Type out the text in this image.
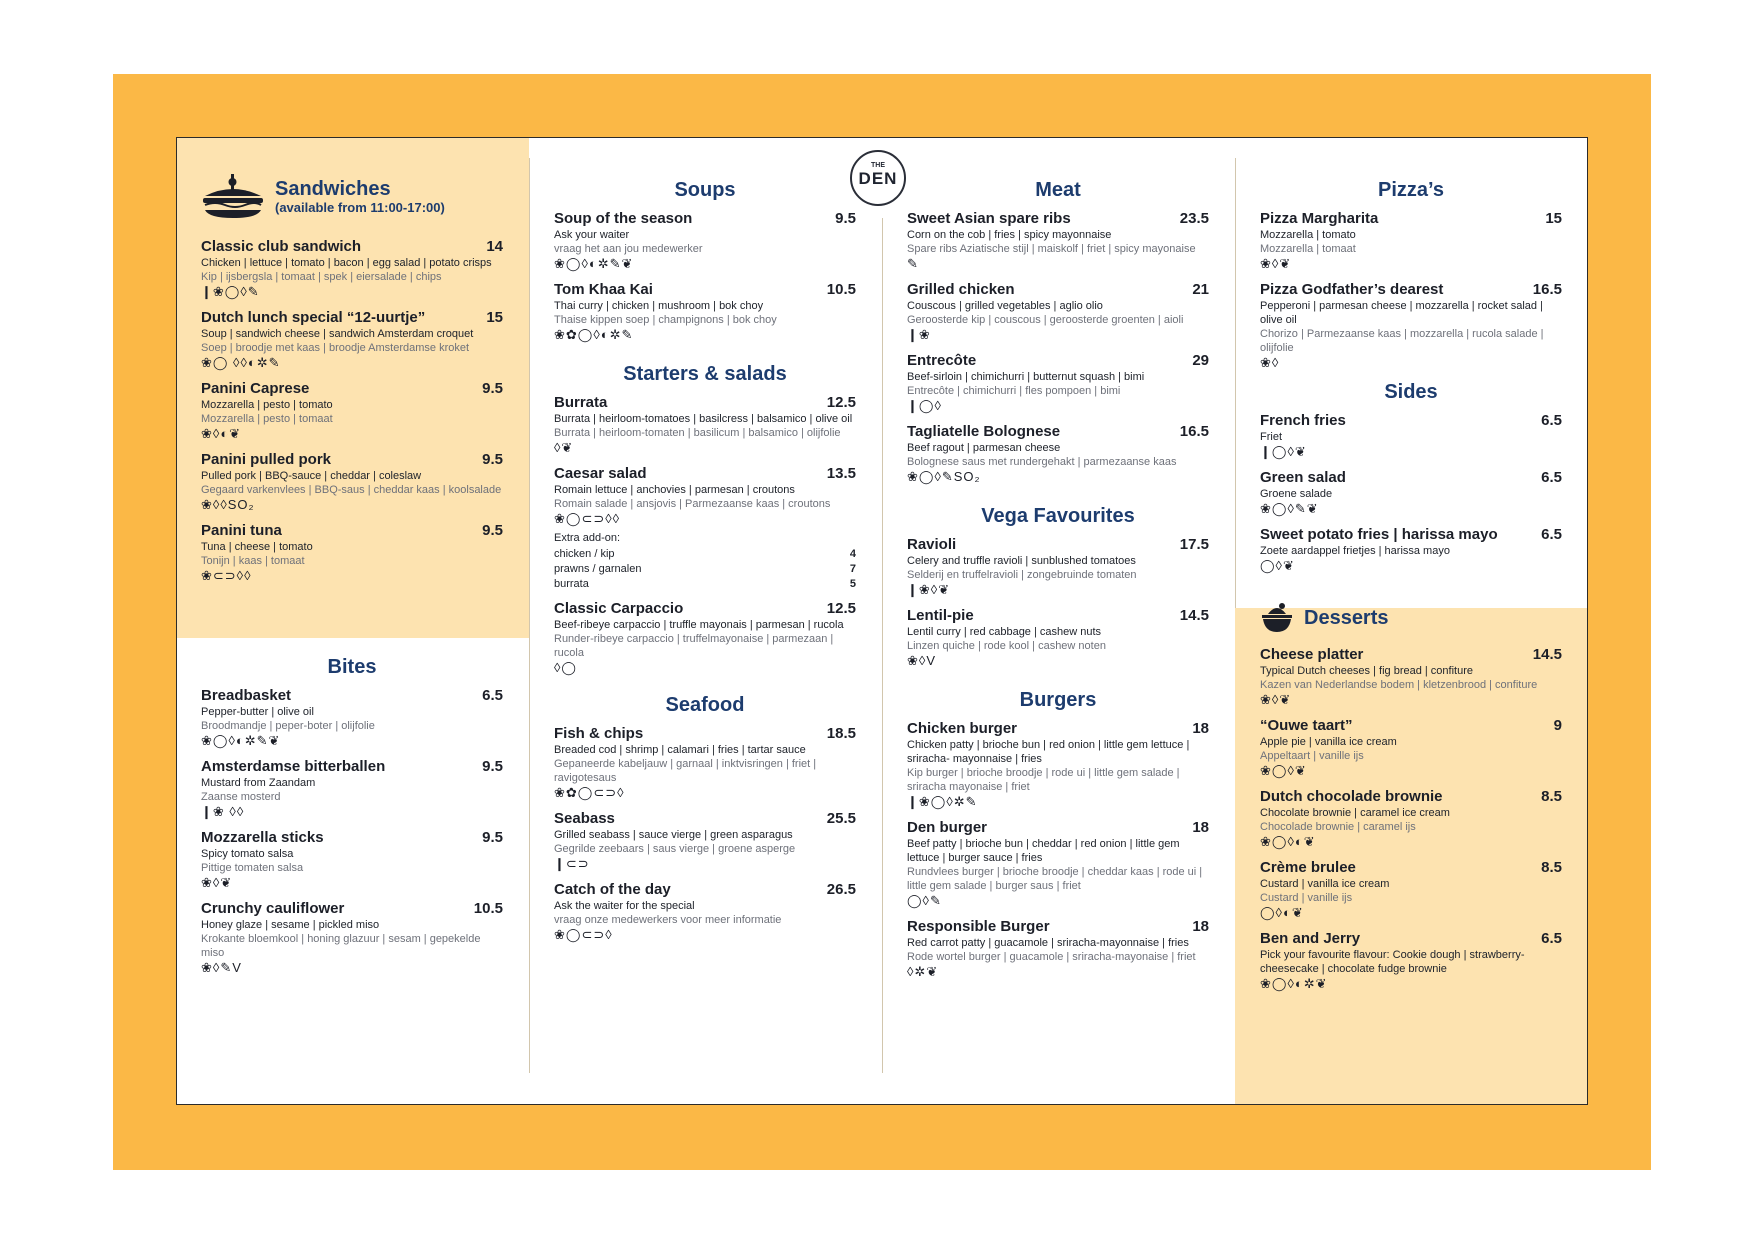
THE
DEN
Sandwiches
(available from 11:00-17:00)
Classic club sandwich	14
Chicken | lettuce | tomato | bacon | egg salad | potato crisps
Kip | ijsbergsla | tomaat | spek | eiersalade | chips
❙❀◯◊✎
Dutch lunch special “12-uurtje”	15
Soup | sandwich cheese | sandwich Amsterdam croquet
Soep | broodje met kaas | broodje Amsterdamse kroket
❀◯ ◊◊◐✲✎
Panini Caprese	9.5
Mozzarella | pesto | tomato
Mozzarella | pesto | tomaat
❀◊◐❦
Panini pulled pork	9.5
Pulled pork | BBQ-sauce | cheddar | coleslaw
Gegaard varkenvlees | BBQ-saus | cheddar kaas | koolsalade
❀◊◊SO₂
Panini tuna	9.5
Tuna | cheese | tomato
Tonijn | kaas | tomaat
❀⊂⊃◊◊
Bites
Breadbasket	6.5
Pepper-butter | olive oil
Broodmandje | peper-boter | olijfolie
❀◯◊◐✲✎❦
Amsterdamse bitterballen	9.5
Mustard from Zaandam
Zaanse mosterd
❙❀ ◊◊
Mozzarella sticks	9.5
Spicy tomato salsa
Pittige tomaten salsa
❀◊❦
Crunchy cauliflower	10.5
Honey glaze | sesame | pickled miso
Krokante bloemkool | honing glazuur | sesam | gepekelde miso
❀◊✎V
Soups
Soup of the season	9.5
Ask your waiter
vraag het aan jou medewerker
❀◯◊◐✲✎❦
Tom Khaa Kai	10.5
Thai curry | chicken | mushroom | bok choy
Thaise kippen soep | champignons | bok choy
❀✿◯◊◐✲✎
Starters & salads
Burrata	12.5
Burrata | heirloom-tomatoes | basilcress | balsamico | olive oil
Burrata | heirloom-tomaten | basilicum | balsamico | olijfolie
◊❦
Caesar salad	13.5
Romain lettuce | anchovies | parmesan | croutons
Romain salade | ansjovis | Parmezaanse kaas | croutons
❀◯⊂⊃◊◊
Extra add-on:
chicken / kip	4
prawns / garnalen	7
burrata	5
Classic Carpaccio	12.5
Beef-ribeye carpaccio | truffle mayonais | parmesan | rucola
Runder-ribeye carpaccio | truffelmayonaise | parmezaan | rucola
◊◯
Seafood
Fish & chips	18.5
Breaded cod | shrimp | calamari | fries | tartar sauce
Gepaneerde kabeljauw | garnaal | inktvisringen | friet | ravigotesaus
❀✿◯⊂⊃◊
Seabass	25.5
Grilled seabass | sauce vierge | green asparagus
Gegrilde zeebaars | saus vierge | groene asperge
❙⊂⊃
Catch of the day	26.5
Ask the waiter for the special
vraag onze medewerkers voor meer informatie
❀◯⊂⊃◊
Meat
Sweet Asian spare ribs	23.5
Corn on the cob | fries | spicy mayonnaise
Spare ribs Aziatische stijl | maiskolf | friet | spicy mayonaise
✎
Grilled chicken	21
Couscous | grilled vegetables | aglio olio
Geroosterde kip | couscous | geroosterde groenten | aioli
❙❀
Entrecôte	29
Beef-sirloin | chimichurri | butternut squash | bimi
Entrecôte | chimichurri | fles pompoen | bimi
❙◯◊
Tagliatelle Bolognese	16.5
Beef ragout | parmesan cheese
Bolognese saus met rundergehakt | parmezaanse kaas
❀◯◊✎SO₂
Vega Favourites
Ravioli	17.5
Celery and truffle ravioli | sunblushed tomatoes
Selderij en truffelravioli | zongebruinde tomaten
❙❀◊❦
Lentil-pie	14.5
Lentil curry | red cabbage | cashew nuts
Linzen quiche | rode kool | cashew noten
❀◊V
Burgers
Chicken burger	18
Chicken patty | brioche bun | red onion | little gem lettuce | sriracha- mayonnaise | fries
Kip burger | brioche broodje | rode ui | little gem salade | sriracha mayonaise | friet
❙❀◯◊✲✎
Den burger	18
Beef patty | brioche bun | cheddar | red onion | little gem lettuce | burger sauce | fries
Rundvlees burger | brioche broodje | cheddar kaas | rode ui | little gem salade | burger saus | friet
◯◊✎
Responsible Burger	18
Red carrot patty | guacamole | sriracha-mayonnaise | fries
Rode wortel burger | guacamole | sriracha-mayonaise | friet
◊✲❦
Pizza’s
Pizza Margharita	15
Mozzarella | tomato
Mozzarella | tomaat
❀◊❦
Pizza Godfather’s dearest	16.5
Pepperoni | parmesan cheese | mozzarella | rocket salad | olive oil
Chorizo | Parmezaanse kaas | mozzarella | rucola salade | olijfolie
❀◊
Sides
French fries	6.5
Friet
❙◯◊❦
Green salad	6.5
Groene salade
❀◯◊✎❦
Sweet potato fries | harissa mayo	6.5
Zoete aardappel frietjes | harissa mayo
◯◊❦
Desserts
Cheese platter	14.5
Typical Dutch cheeses | fig bread | confiture
Kazen van Nederlandse bodem | kletzenbrood | confiture
❀◊❦
“Ouwe taart”	9
Apple pie | vanilla ice cream
Appeltaart | vanille ijs
❀◯◊❦
Dutch chocolade brownie	8.5
Chocolate brownie | caramel ice cream
Chocolade brownie | caramel ijs
❀◯◊◐❦
Crème brulee	8.5
Custard | vanilla ice cream
Custard | vanille ijs
◯◊◐❦
Ben and Jerry	6.5
Pick your favourite flavour: Cookie dough | strawberry-cheesecake | chocolate fudge brownie
❀◯◊◐✲❦
